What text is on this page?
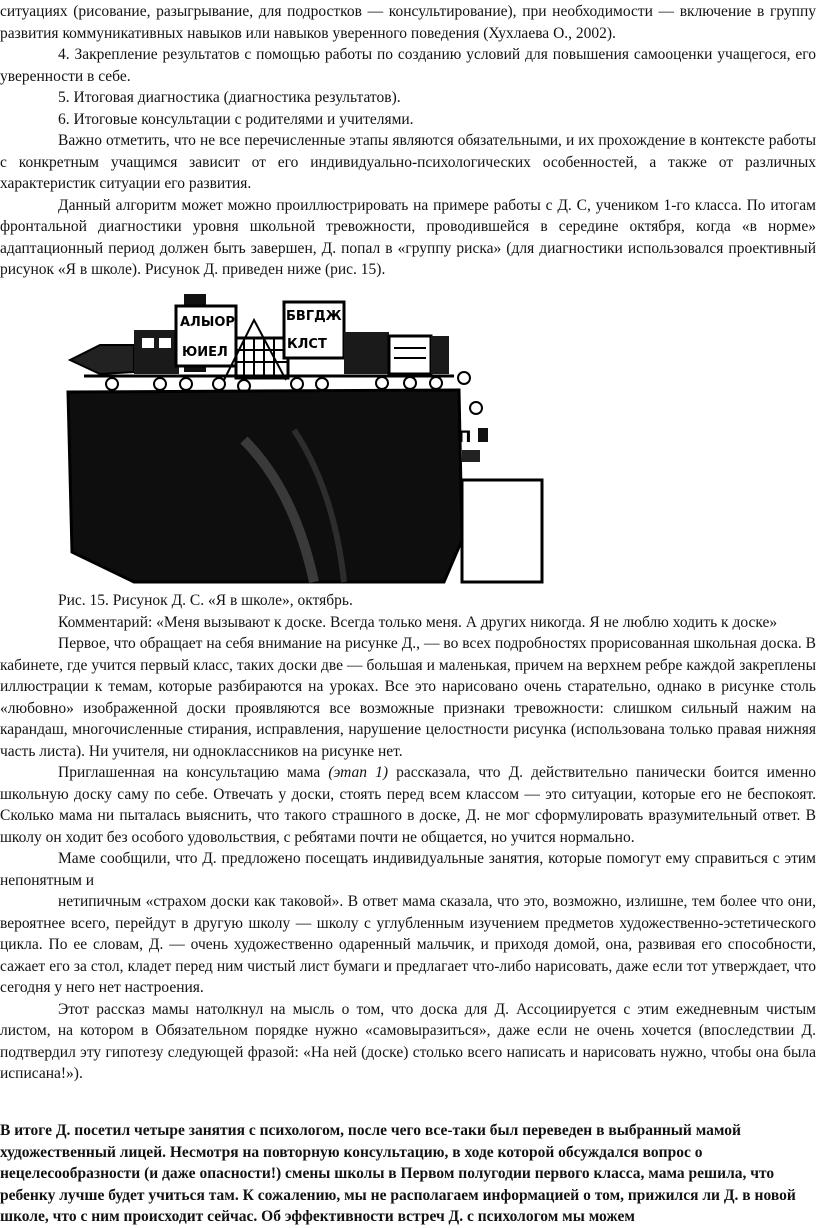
ситуациях (рисование, разыгрывание, для подростков — консультирование), при необходимости — включение в группу развития коммуникативных навыков или навыков уверенного поведения (Хухлаева О., 2002).

4. Закрепление результатов с помощью работы по созданию условий для повышения самооценки учащегося, его уверенности в себе.

5. Итоговая диагностика (диагностика результатов).

6. Итоговые консультации с родителями и учителями.

Важно отметить, что не все перечисленные этапы являются обязательными, и их прохождение в контексте работы с конкретным учащимся зависит от его индивидуально-психологических особенностей, а также от различных характеристик ситуации его развития.

Данный алгоритм может можно проиллюстрировать на примере работы с Д. С, учеником 1-го класса. По итогам фронтальной диагностики уровня школьной тревожности, проводившейся в середине октября, когда «в норме» адаптационный период должен быть завершен, Д. попал в «группу риска» (для диагностики использовался проективный рисунок «Я в школе). Рисунок Д. приведен ниже (рис. 15).

АЛЫОР
ЮИЕЛ
БВГДЖ
КЛСТ
П

Рис. 15. Рисунок Д. С. «Я в школе», октябрь.

Комментарий: «Меня вызывают к доске. Всегда только меня. А других никогда. Я не люблю ходить к доске»

Первое, что обращает на себя внимание на рисунке Д., — во всех подробностях прорисованная школьная доска. В кабинете, где учится первый класс, таких доски две — большая и маленькая, причем на верхнем ребре каждой закреплены иллюстрации к темам, которые разбираются на уроках. Все это нарисовано очень старательно, однако в рисунке столь «любовно» изображенной доски проявляются все возможные признаки тревожности: слишком сильный нажим на карандаш, многочисленные стирания, исправления, нарушение целостности рисунка (использована только правая нижняя часть листа). Ни учителя, ни одноклассников на рисунке нет.

Приглашенная на консультацию мама (этап 1) рассказала, что Д. действительно панически боится именно школьную доску саму по себе. Отвечать у доски, стоять перед всем классом — это ситуации, которые его не беспокоят. Сколько мама ни пыталась выяснить, что такого страшного в доске, Д. не мог сформулировать вразумительный ответ. В школу он ходит без особого удовольствия, с ребятами почти не общается, но учится нормально.

Маме сообщили, что Д. предложено посещать индивидуальные занятия, которые помогут ему справиться с этим непонятным и

нетипичным «страхом доски как таковой». В ответ мама сказала, что это, возможно, излишне, тем более что они, вероятнее всего, перейдут в другую школу — школу с углубленным изучением предметов художественно-эстетического цикла. По ее словам, Д. — очень художественно одаренный мальчик, и приходя домой, она, развивая его способности, сажает его за стол, кладет перед ним чистый лист бумаги и предлагает что-либо нарисовать, даже если тот утверждает, что сегодня у него нет настроения.

Этот рассказ мамы натолкнул на мысль о том, что доска для Д. Ассоциируется с этим ежедневным чистым листом, на котором в Обязательном порядке нужно «самовыразиться», даже если не очень хочется (впоследствии Д. подтвердил эту гипотезу следующей фразой: «На ней (доске) столько всего написать и нарисовать нужно, чтобы она была исписана!»).

В итоге Д. посетил четыре занятия с психологом, после чего все-таки был переведен в выбранный мамой художественный лицей. Несмотря на повторную консультацию, в ходе которой обсуждался вопрос о нецелесообразности (и даже опасности!) смены школы в Первом полугодии первого класса, мама решила, что ребенку лучше будет учиться там. К сожалению, мы не располагаем информацией о том, прижился ли Д. в новой школе, что с ним происходит сейчас. Об эффективности встреч Д. с психологом мы можем
